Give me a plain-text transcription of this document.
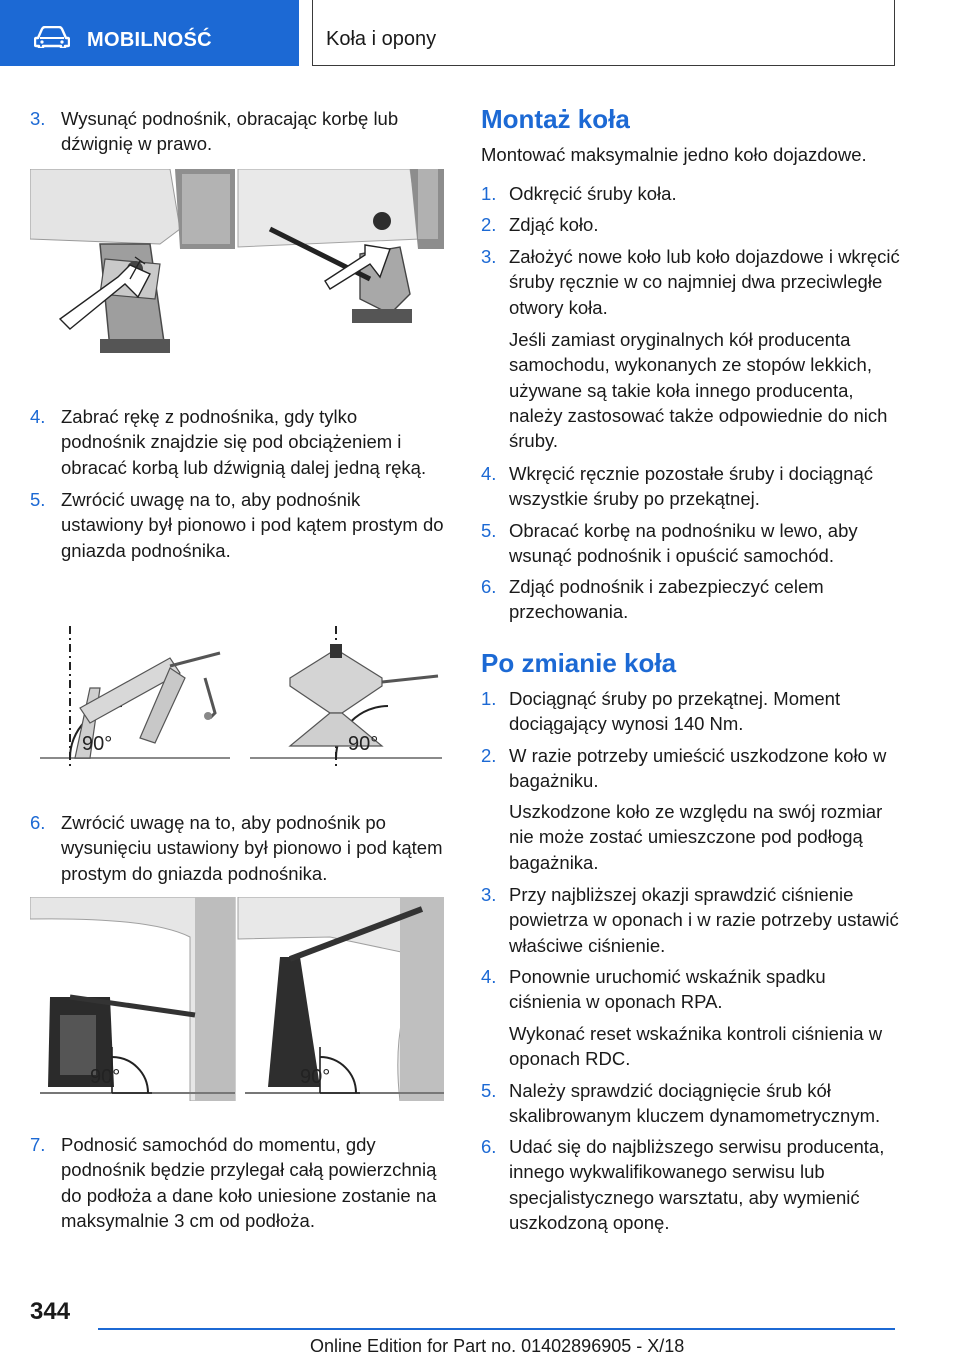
MOBILNOŚĆ	Koła i opony
3. Wysunąć podnośnik, obracając korbę lub dźwignię w prawo.
4. Zabrać rękę z podnośnika, gdy tylko podnośnik znajdzie się pod obciążeniem i obracać korbą lub dźwignią dalej jedną ręką.
5. Zwrócić uwagę na to, aby podnośnik ustawiony był pionowo i pod kątem prostym do gniazda podnośnika.
90°	90°
6. Zwrócić uwagę na to, aby podnośnik po wysunięciu ustawiony był pionowo i pod kątem prostym do gniazda podnośnika.
90°	90°
7. Podnosić samochód do momentu, gdy podnośnik będzie przylegał całą powierzchnią do podłoża a dane koło uniesione zostanie na maksymalnie 3 cm od podłoża.
Montaż koła

Montować maksymalnie jedno koło dojazdowe.

1. Odkręcić śruby koła.
2. Zdjąć koło.
3. Założyć nowe koło lub koło dojazdowe i wkręcić śruby ręcznie w co najmniej dwa przeciwległe otwory koła.

Jeśli zamiast oryginalnych kół producenta samochodu, wykonanych ze stopów lekkich, używane są takie koła innego producenta, należy zastosować także odpowiednie do nich śruby.

4. Wkręcić ręcznie pozostałe śruby i dociągnąć wszystkie śruby po przekątnej.
5. Obracać korbę na podnośniku w lewo, aby wsunąć podnośnik i opuścić samochód.
6. Zdjąć podnośnik i zabezpieczyć celem przechowania.
Po zmianie koła
1. Dociągnąć śruby po przekątnej. Moment dociągający wynosi 140 Nm.
2. W razie potrzeby umieścić uszkodzone koło w bagażniku.

Uszkodzone koło ze względu na swój rozmiar nie może zostać umieszczone pod podłogą bagażnika.

3. Przy najbliższej okazji sprawdzić ciśnienie powietrza w oponach i w razie potrzeby ustawić właściwe ciśnienie.
4. Ponownie uruchomić wskaźnik spadku ciśnienia w oponach RPA.

Wykonać reset wskaźnika kontroli ciśnienia w oponach RDC.

5. Należy sprawdzić dociągnięcie śrub kół skalibrowanym kluczem dynamometrycznym.
6. Udać się do najbliższego serwisu producenta, innego wykwalifikowanego serwisu lub specjalistycznego warsztatu, aby wymienić uszkodzoną oponę.
344
Online Edition for Part no. 01402896905 - X/18
